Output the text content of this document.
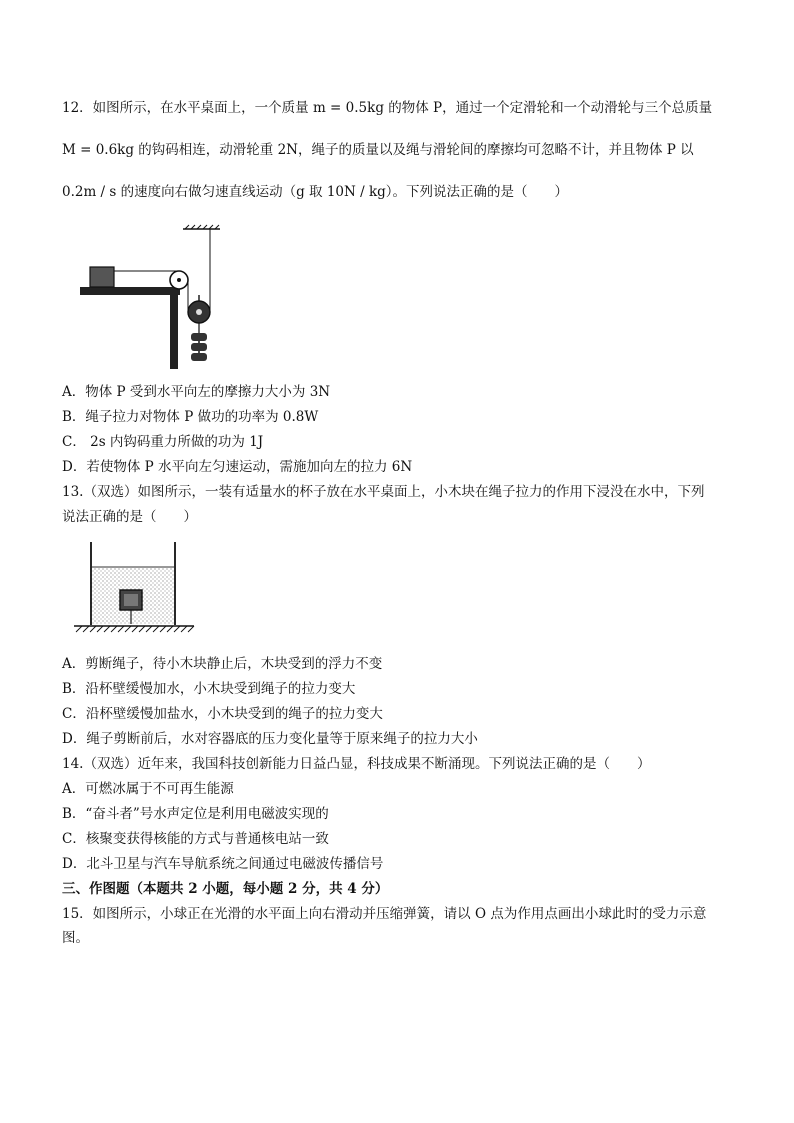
12．如图所示，在水平桌面上，一个质量 m = 0.5kg 的物体 P，通过一个定滑轮和一个动滑轮与三个总质量
M = 0.6kg 的钩码相连，动滑轮重 2N，绳子的质量以及绳与滑轮间的摩擦均可忽略不计，并且物体 P 以
0.2m / s 的速度向右做匀速直线运动（g 取 10N / kg）。下列说法正确的是（　　）
A．物体 P 受到水平向左的摩擦力大小为 3N
B．绳子拉力对物体 P 做功的功率为 0.8W
C． 2s 内钩码重力所做的功为 1J
D．若使物体 P 水平向左匀速运动，需施加向左的拉力 6N
13.（双选）如图所示，一装有适量水的杯子放在水平桌面上，小木块在绳子拉力的作用下浸没在水中，下列
说法正确的是（　　）
A．剪断绳子，待小木块静止后，木块受到的浮力不变
B．沿杯壁缓慢加水，小木块受到绳子的拉力变大
C．沿杯壁缓慢加盐水，小木块受到的绳子的拉力变大
D．绳子剪断前后，水对容器底的压力变化量等于原来绳子的拉力大小
14.（双选）近年来，我国科技创新能力日益凸显，科技成果不断涌现。下列说法正确的是（　　）
A．可燃冰属于不可再生能源
B．“奋斗者”号水声定位是利用电磁波实现的
C．核聚变获得核能的方式与普通核电站一致
D．北斗卫星与汽车导航系统之间通过电磁波传播信号
三、作图题（本题共 2 小题，每小题 2 分，共 4 分）
15．如图所示，小球正在光滑的水平面上向右滑动并压缩弹簧，请以 O 点为作用点画出小球此时的受力示意
图。
